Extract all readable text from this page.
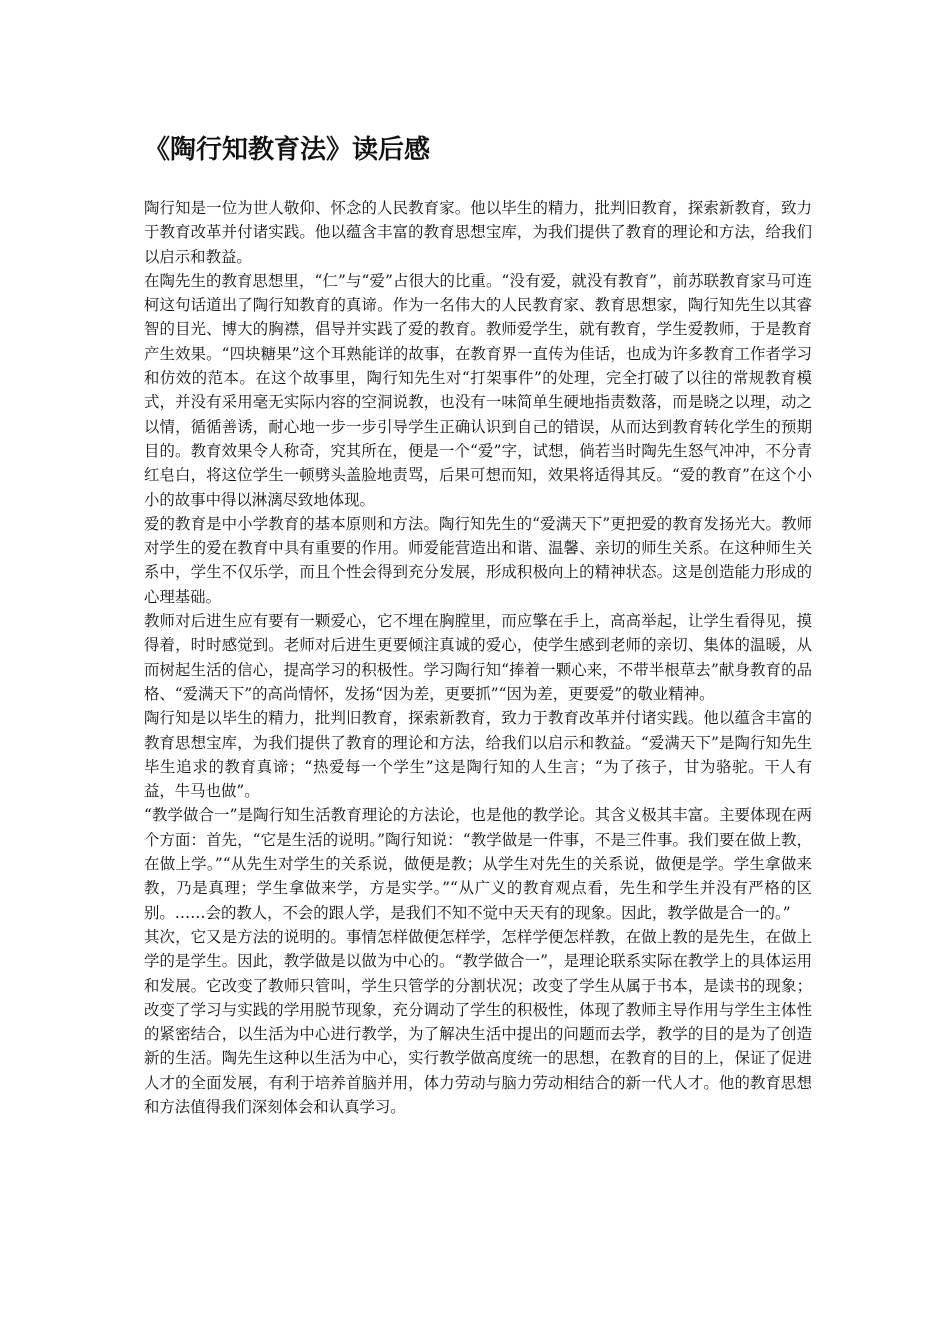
《陶行知教育法》读后感

陶行知是一位为世人敬仰、怀念的人民教育家。他以毕生的精力，批判旧教育，探索新教育，致力于教育改革并付诸实践。他以蕴含丰富的教育思想宝库，为我们提供了教育的理论和方法，给我们以启示和教益。

在陶先生的教育思想里，“仁”与“爱”占很大的比重。“没有爱，就没有教育”，前苏联教育家马可连柯这句话道出了陶行知教育的真谛。作为一名伟大的人民教育家、教育思想家，陶行知先生以其睿智的目光、博大的胸襟，倡导并实践了爱的教育。教师爱学生，就有教育，学生爱教师，于是教育产生效果。“四块糖果”这个耳熟能详的故事，在教育界一直传为佳话，也成为许多教育工作者学习和仿效的范本。在这个故事里，陶行知先生对“打架事件”的处理，完全打破了以往的常规教育模式，并没有采用毫无实际内容的空洞说教，也没有一味简单生硬地指责数落，而是晓之以理，动之以情，循循善诱，耐心地一步一步引导学生正确认识到自己的错误，从而达到教育转化学生的预期目的。教育效果令人称奇，究其所在，便是一个“爱”字，试想，倘若当时陶先生怒气冲冲，不分青红皂白，将这位学生一顿劈头盖脸地责骂，后果可想而知，效果将适得其反。“爱的教育”在这个小小的故事中得以淋漓尽致地体现。

爱的教育是中小学教育的基本原则和方法。陶行知先生的“爱满天下”更把爱的教育发扬光大。教师对学生的爱在教育中具有重要的作用。师爱能营造出和谐、温馨、亲切的师生关系。在这种师生关系中，学生不仅乐学，而且个性会得到充分发展，形成积极向上的精神状态。这是创造能力形成的心理基础。

教师对后进生应有要有一颗爱心，它不埋在胸膛里，而应擎在手上，高高举起，让学生看得见，摸得着，时时感觉到。老师对后进生更要倾注真诚的爱心，使学生感到老师的亲切、集体的温暖，从而树起生活的信心，提高学习的积极性。学习陶行知“捧着一颗心来，不带半根草去”献身教育的品格、“爱满天下”的高尚情怀，发扬“因为差，更要抓”“因为差，更要爱”的敬业精神。

陶行知是以毕生的精力，批判旧教育，探索新教育，致力于教育改革并付诸实践。他以蕴含丰富的教育思想宝库，为我们提供了教育的理论和方法，给我们以启示和教益。“爱满天下”是陶行知先生毕生追求的教育真谛；“热爱每一个学生”这是陶行知的人生言；“为了孩子，甘为骆驼。干人有益，牛马也做”。

“教学做合一”是陶行知生活教育理论的方法论，也是他的教学论。其含义极其丰富。主要体现在两个方面：首先，“它是生活的说明。”陶行知说：“教学做是一件事，不是三件事。我们要在做上教，在做上学。”“从先生对学生的关系说，做便是教；从学生对先生的关系说，做便是学。学生拿做来教，乃是真理；学生拿做来学，方是实学。”“从广义的教育观点看，先生和学生并没有严格的区别。……会的教人，不会的跟人学，是我们不知不觉中天天有的现象。因此，教学做是合一的。”

其次，它又是方法的说明的。事情怎样做便怎样学，怎样学便怎样教，在做上教的是先生，在做上学的是学生。因此，教学做是以做为中心的。“教学做合一”，是理论联系实际在教学上的具体运用和发展。它改变了教师只管叫，学生只管学的分割状况；改变了学生从属于书本，是读书的现象；改变了学习与实践的学用脱节现象，充分调动了学生的积极性，体现了教师主导作用与学生主体性的紧密结合，以生活为中心进行教学，为了解决生活中提出的问题而去学，教学的目的是为了创造新的生活。陶先生这种以生活为中心，实行教学做高度统一的思想，在教育的目的上，保证了促进人才的全面发展，有利于培养首脑并用，体力劳动与脑力劳动相结合的新一代人才。他的教育思想和方法值得我们深刻体会和认真学习。
